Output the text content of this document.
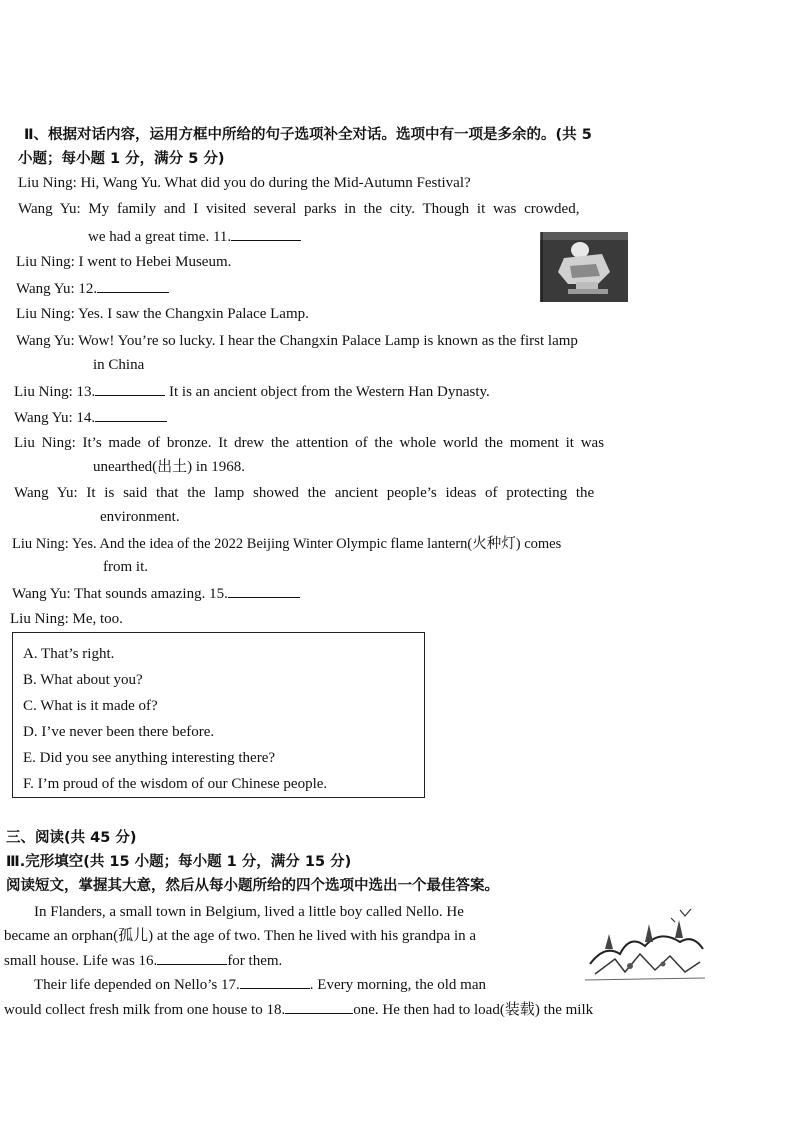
Ⅱ、根据对话内容，运用方框中所给的句子选项补全对话。选项中有一项是多余的。(共 5
小题；每小题 1 分，满分 5 分)
Liu Ning: Hi, Wang Yu. What did you do during the Mid-Autumn Festival?
Wang Yu: My family and I visited several parks in the city. Though it was crowded,
we had a great time. 11.
Liu Ning: I went to Hebei Museum.
Wang Yu: 12.
Liu Ning: Yes. I saw the Changxin Palace Lamp.
Wang Yu: Wow! You’re so lucky. I hear the Changxin Palace Lamp is known as the first lamp
in China
Liu Ning: 13.	It is an ancient object from the Western Han Dynasty.
Wang Yu: 14.
Liu Ning: It’s made of bronze. It drew the attention of the whole world the moment it was
unearthed(出土) in 1968.
Wang Yu: It is said that the lamp showed the ancient people’s ideas of protecting the
environment.
Liu Ning: Yes. And the idea of the 2022 Beijing Winter Olympic flame lantern(火种灯) comes
from it.
Wang Yu: That sounds amazing. 15.
Liu Ning: Me, too.
A. That’s right.
B. What about you?
C. What is it made of?
D. I’ve never been there before.
E. Did you see anything interesting there?
F. I’m proud of the wisdom of our Chinese people.
三、阅读(共 45 分)
Ⅲ.完形填空(共 15 小题；每小题 1 分，满分 15 分)
阅读短文，掌握其大意，然后从每小题所给的四个选项中选出一个最佳答案。
In Flanders, a small town in Belgium, lived a little boy called Nello. He
became an orphan(孤儿) at the age of two. Then he lived with his grandpa in a
small house. Life was 16.	for them.
Their life depended on Nello’s 17.	. Every morning, the old man
would collect fresh milk from one house to 18.	one. He then had to load(装载) the milk
